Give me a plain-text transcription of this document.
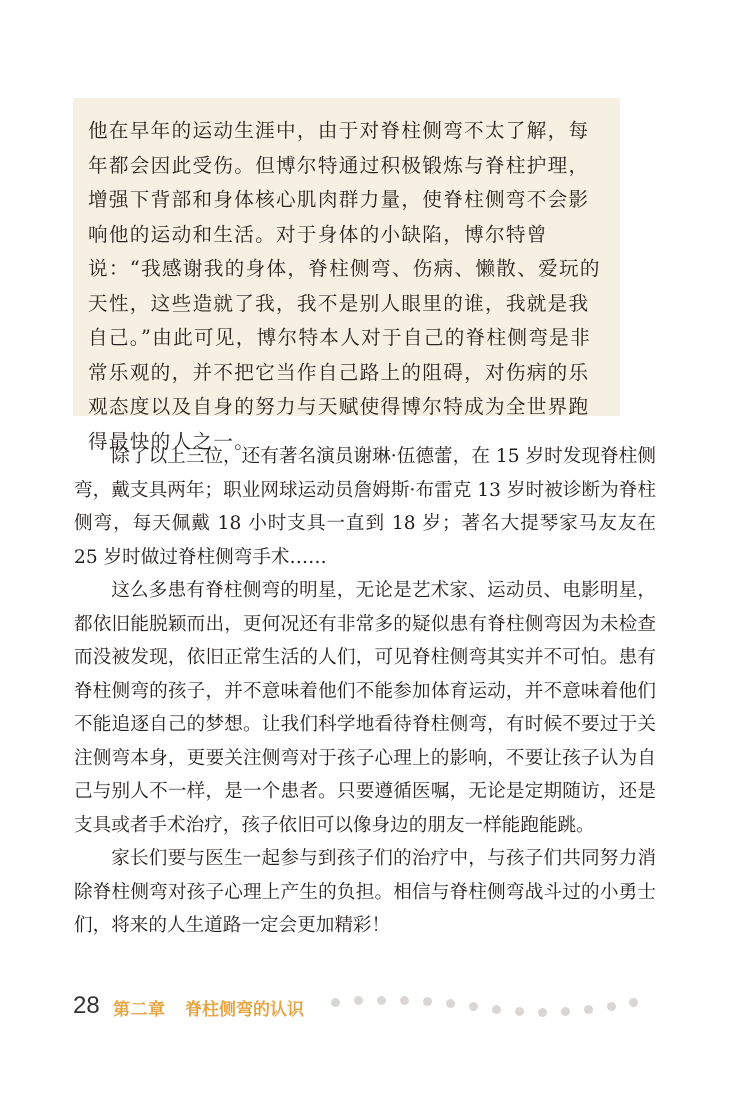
他在早年的运动生涯中，由于对脊柱侧弯不太了解，每年都会因此受伤。但博尔特通过积极锻炼与脊柱护理，增强下背部和身体核心肌肉群力量，使脊柱侧弯不会影响他的运动和生活。对于身体的小缺陷，博尔特曾说：“我感谢我的身体，脊柱侧弯、伤病、懒散、爱玩的天性，这些造就了我，我不是别人眼里的谁，我就是我自己。”由此可见，博尔特本人对于自己的脊柱侧弯是非常乐观的，并不把它当作自己路上的阻碍，对伤病的乐观态度以及自身的努力与天赋使得博尔特成为全世界跑得最快的人之一。

除了以上三位，还有著名演员谢琳·伍德蕾，在 15 岁时发现脊柱侧弯，戴支具两年；职业网球运动员詹姆斯·布雷克 13 岁时被诊断为脊柱侧弯，每天佩戴 18 小时支具一直到 18 岁；著名大提琴家马友友在 25 岁时做过脊柱侧弯手术……

这么多患有脊柱侧弯的明星，无论是艺术家、运动员、电影明星，都依旧能脱颖而出，更何况还有非常多的疑似患有脊柱侧弯因为未检查而没被发现，依旧正常生活的人们，可见脊柱侧弯其实并不可怕。患有脊柱侧弯的孩子，并不意味着他们不能参加体育运动，并不意味着他们不能追逐自己的梦想。让我们科学地看待脊柱侧弯，有时候不要过于关注侧弯本身，更要关注侧弯对于孩子心理上的影响，不要让孩子认为自己与别人不一样，是一个患者。只要遵循医嘱，无论是定期随访，还是支具或者手术治疗，孩子依旧可以像身边的朋友一样能跑能跳。

家长们要与医生一起参与到孩子们的治疗中，与孩子们共同努力消除脊柱侧弯对孩子心理上产生的负担。相信与脊柱侧弯战斗过的小勇士们，将来的人生道路一定会更加精彩！

28 第二章 脊柱侧弯的认识
